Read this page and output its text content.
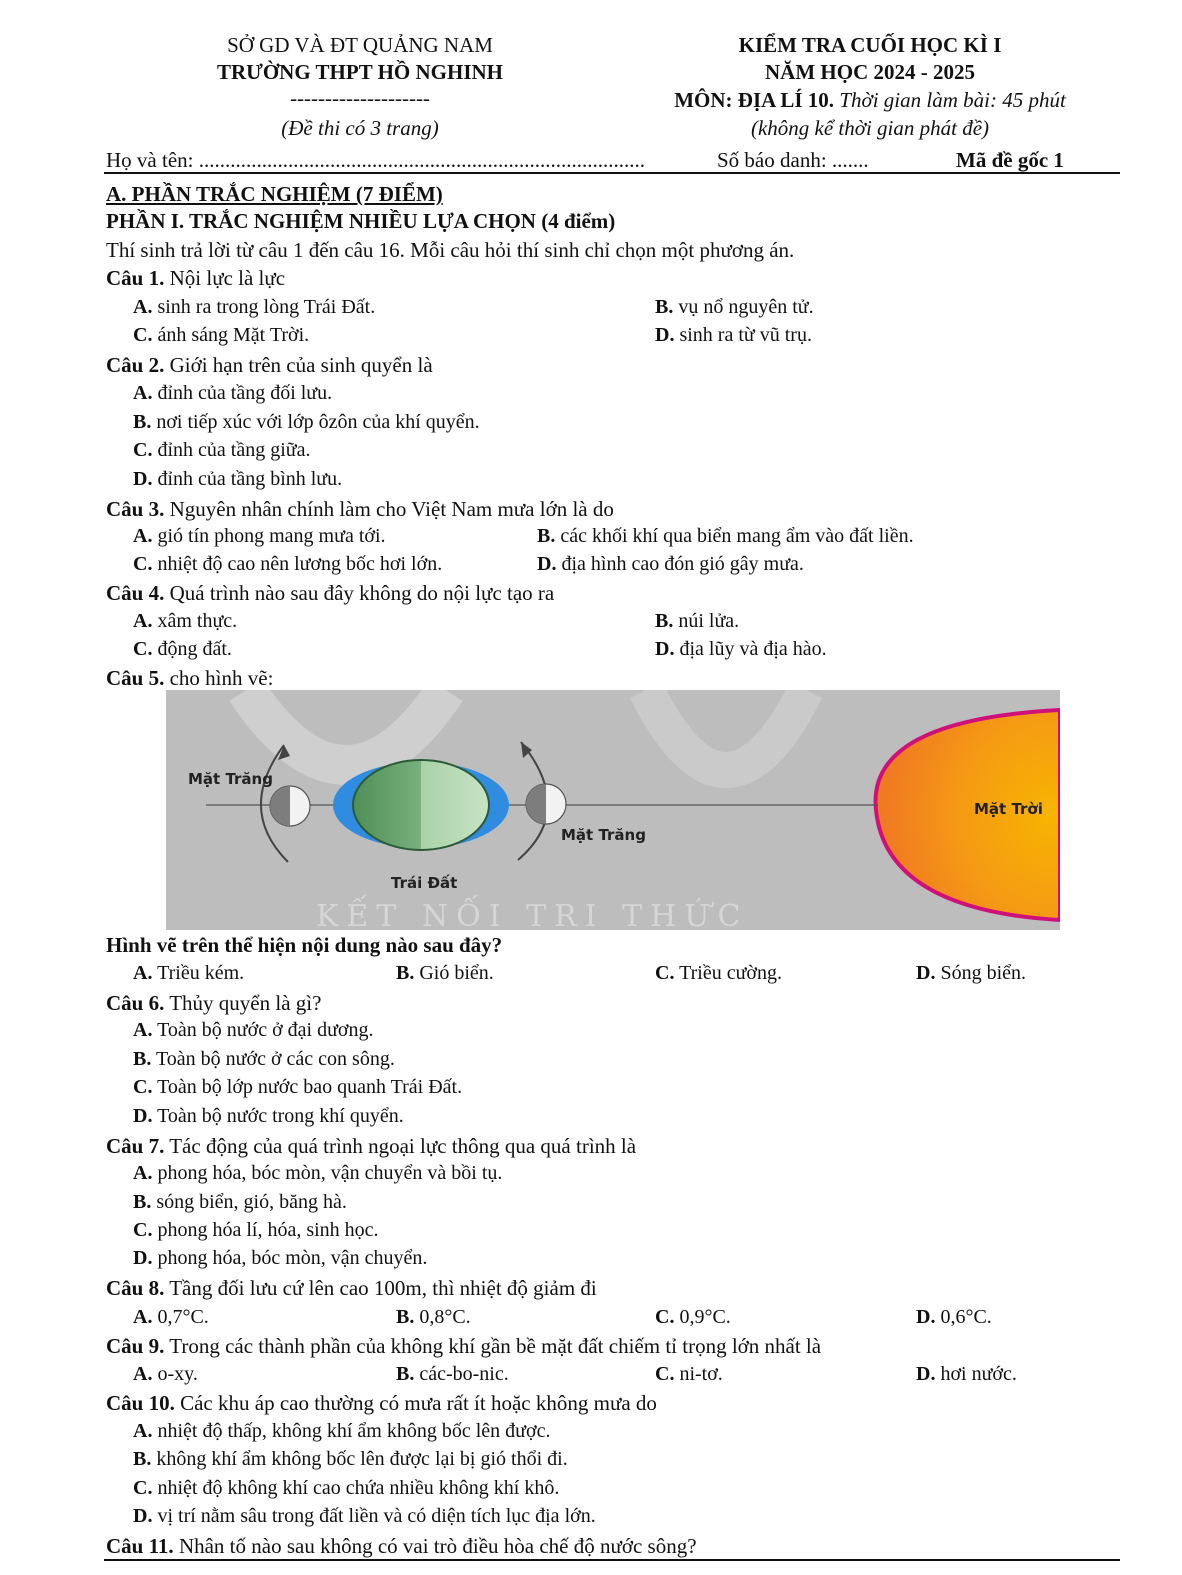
SỞ GD VÀ ĐT QUẢNG NAM
TRƯỜNG THPT HỒ NGHINH
--------------------
(Đề thi có 3 trang)
KIỂM TRA CUỐI HỌC KÌ I
NĂM HỌC 2024 - 2025
MÔN: ĐỊA LÍ 10. Thời gian làm bài: 45 phút
(không kể thời gian phát đề)
Họ và tên: .....................................................................................	Số báo danh: .......	Mã đề gốc 1
A. PHẦN TRẮC NGHIỆM (7 ĐIỂM)
PHẦN I. TRẮC NGHIỆM NHIỀU LỰA CHỌN (4 điểm)
Thí sinh trả lời từ câu 1 đến câu 16. Mỗi câu hỏi thí sinh chỉ chọn một phương án.
Câu 1. Nội lực là lực
A. sinh ra trong lòng Trái Đất.	B. vụ nổ nguyên tử.
C. ánh sáng Mặt Trời.	D. sinh ra từ vũ trụ.
Câu 2. Giới hạn trên của sinh quyển là
A. đỉnh của tầng đối lưu.
B. nơi tiếp xúc với lớp ôzôn của khí quyển.
C. đỉnh của tầng giữa.
D. đỉnh của tầng bình lưu.
Câu 3. Nguyên nhân chính làm cho Việt Nam mưa lớn là do
A. gió tín phong mang mưa tới.	B. các khối khí qua biển mang ẩm vào đất liền.
C. nhiệt độ cao nên lương bốc hơi lớn.	D. địa hình cao đón gió gây mưa.
Câu 4. Quá trình nào sau đây không do nội lực tạo ra
A. xâm thực.	B. núi lửa.
C. động đất.	D. địa lũy và địa hào.
Câu 5. cho hình vẽ:
Mặt Trăng
Mặt Trăng
Trái Đất
Mặt Trời
KẾT NỐI TRI THỨC
Hình vẽ trên thể hiện nội dung nào sau đây?
A. Triều kém.	B. Gió biển.	C. Triều cường.	D. Sóng biển.
Câu 6. Thủy quyển là gì?
A. Toàn bộ nước ở đại dương.
B. Toàn bộ nước ở các con sông.
C. Toàn bộ lớp nước bao quanh Trái Đất.
D. Toàn bộ nước trong khí quyển.
Câu 7. Tác động của quá trình ngoại lực thông qua quá trình là
A. phong hóa, bóc mòn, vận chuyển và bồi tụ.
B. sóng biển, gió, băng hà.
C. phong hóa lí, hóa, sinh học.
D. phong hóa, bóc mòn, vận chuyển.
Câu 8. Tầng đối lưu cứ lên cao 100m, thì nhiệt độ giảm đi
A. 0,7°C.	B. 0,8°C.	C. 0,9°C.	D. 0,6°C.
Câu 9. Trong các thành phần của không khí gần bề mặt đất chiếm tỉ trọng lớn nhất là
A. o-xy.	B. các-bo-nic.	C. ni-tơ.	D. hơi nước.
Câu 10. Các khu áp cao thường có mưa rất ít hoặc không mưa do
A. nhiệt độ thấp, không khí ẩm không bốc lên được.
B. không khí ẩm không bốc lên được lại bị gió thổi đi.
C. nhiệt độ không khí cao chứa nhiều không khí khô.
D. vị trí nằm sâu trong đất liền và có diện tích lục địa lớn.
Câu 11. Nhân tố nào sau không có vai trò điều hòa chế độ nước sông?
